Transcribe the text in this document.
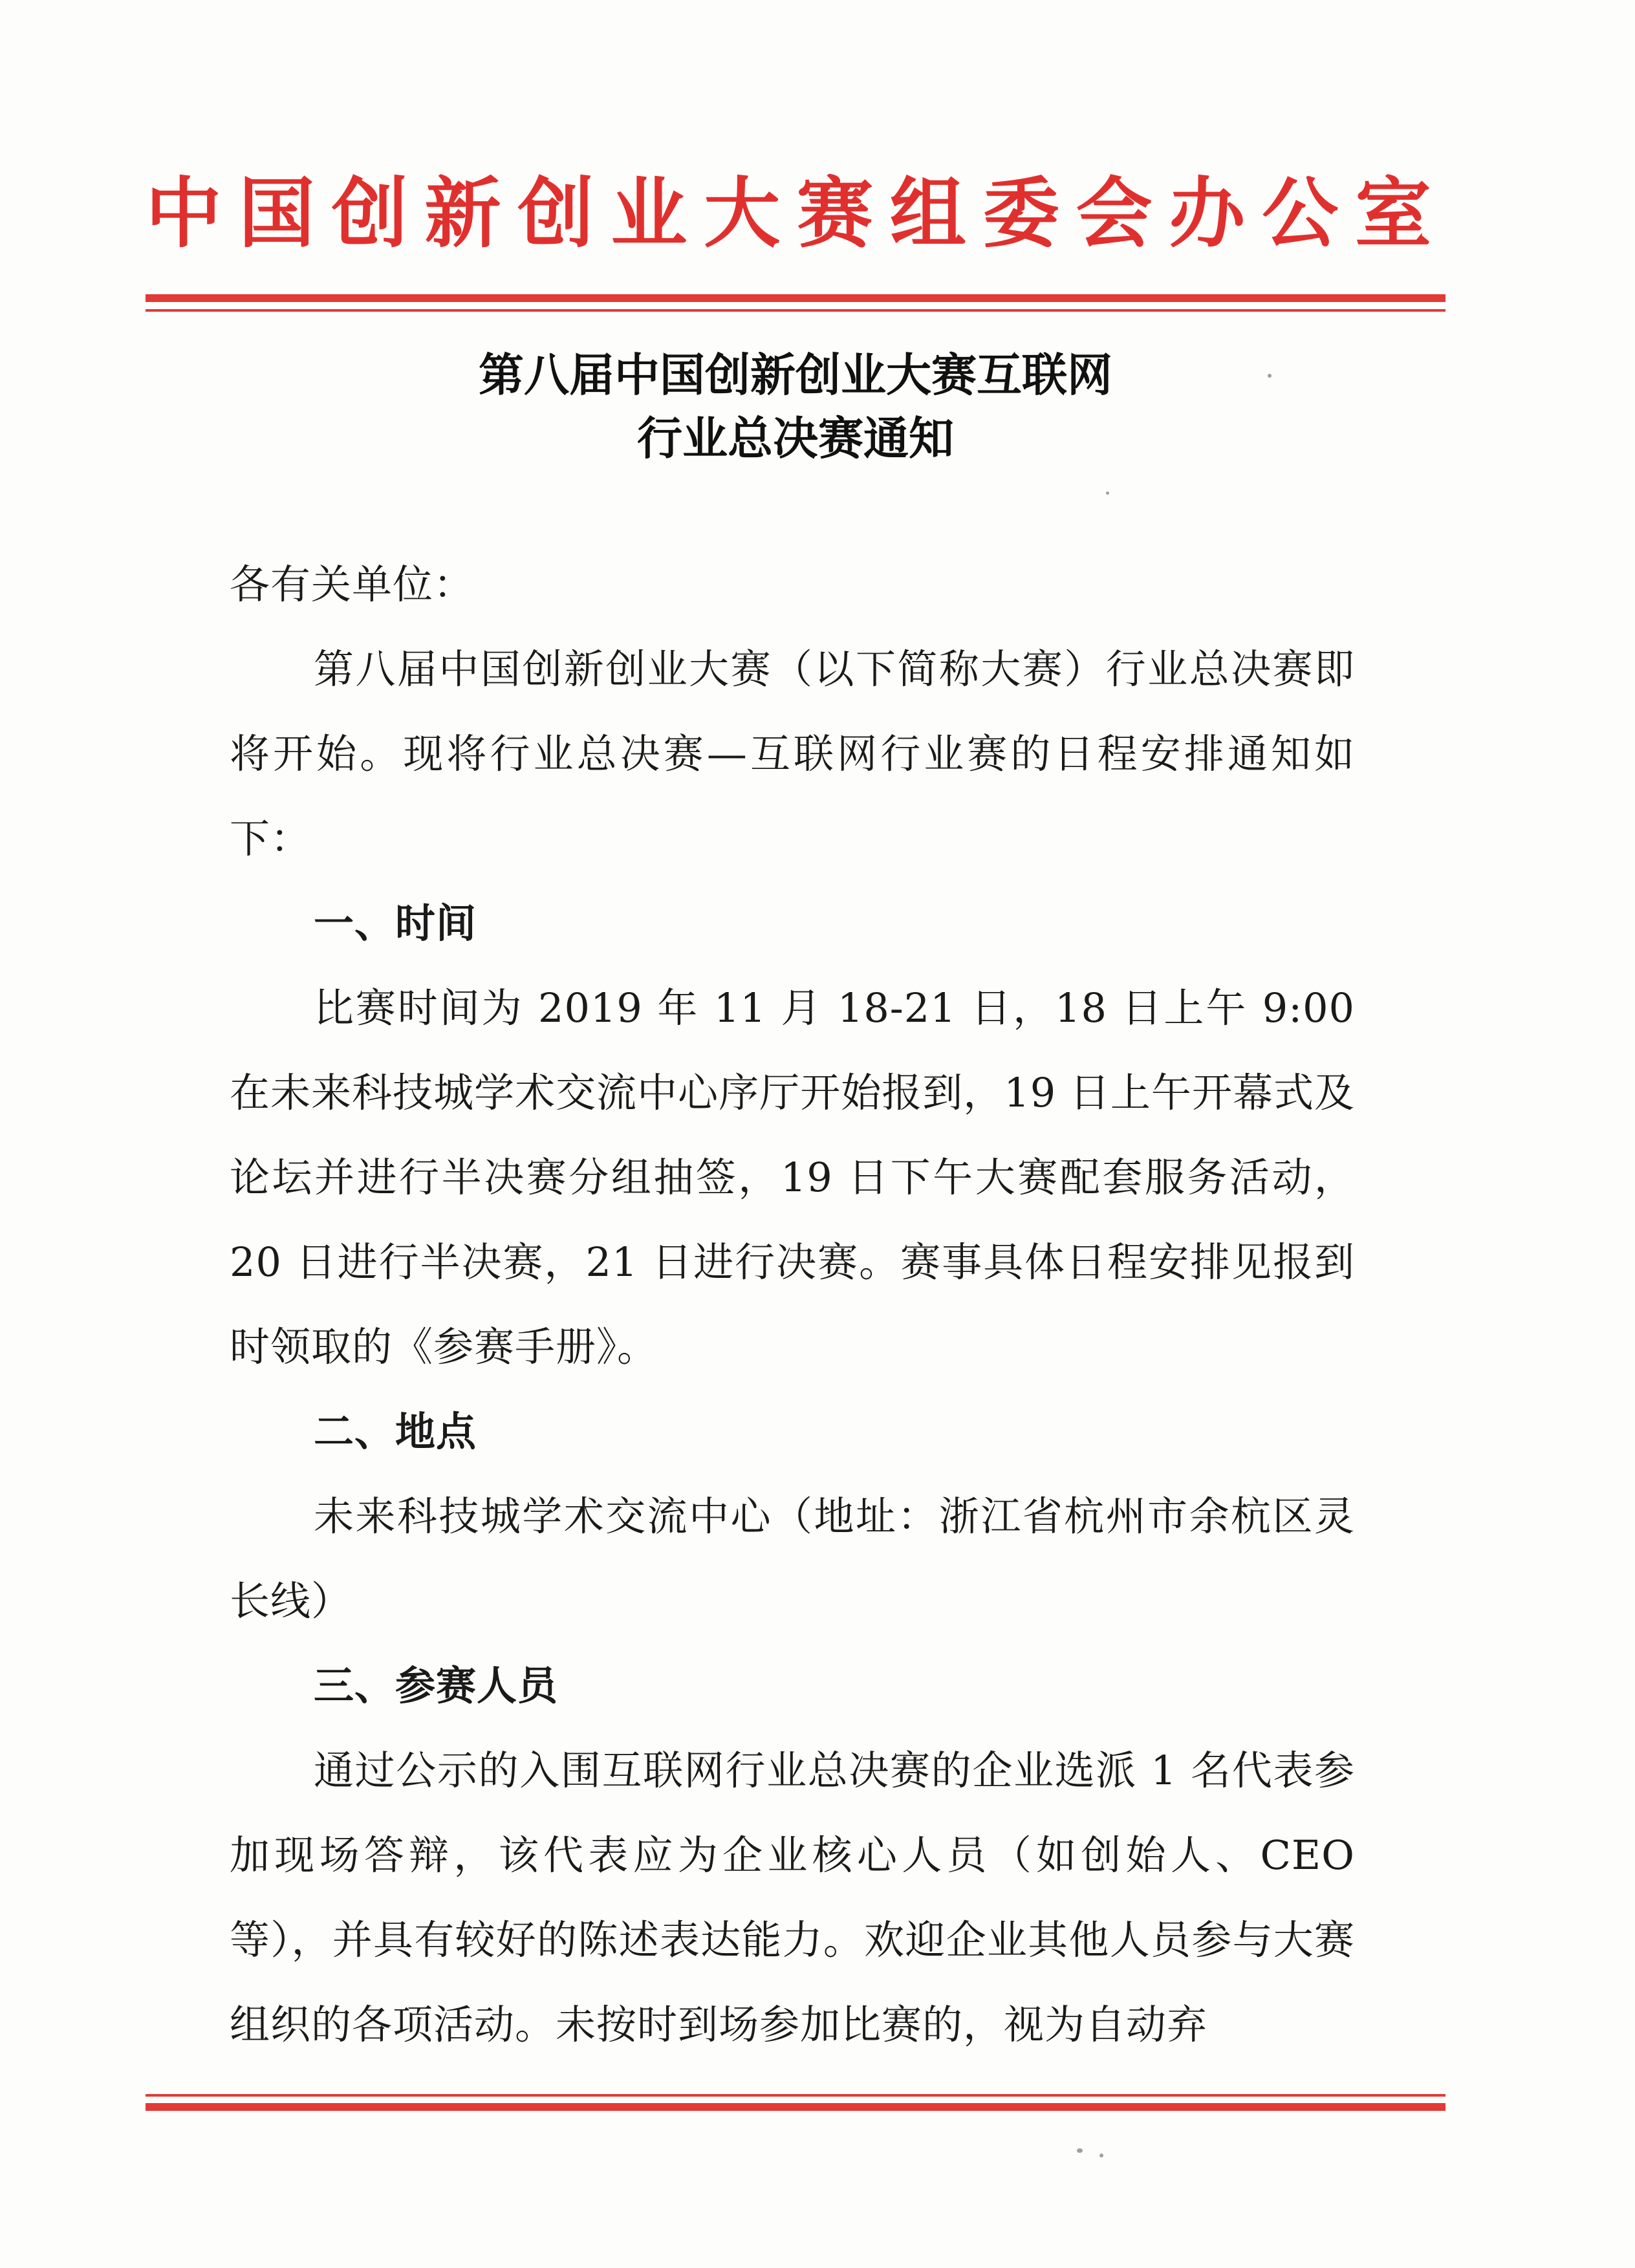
中国创新创业大赛组委会办公室
第八届中国创新创业大赛互联网
行业总决赛通知

各有关单位：

第八届中国创新创业大赛（以下简称大赛）行业总决赛即将开始。现将行业总决赛—互联网行业赛的日程安排通知如下：

一、时间

比赛时间为 2019 年 11 月 18-21 日，18 日上午 9:00 在未来科技城学术交流中心序厅开始报到，19 日上午开幕式及论坛并进行半决赛分组抽签，19 日下午大赛配套服务活动，20 日进行半决赛，21 日进行决赛。赛事具体日程安排见报到时领取的《参赛手册》。

二、地点

未来科技城学术交流中心（地址：浙江省杭州市余杭区灵长线）

三、参赛人员

通过公示的入围互联网行业总决赛的企业选派 1 名代表参加现场答辩，该代表应为企业核心人员（如创始人、CEO等），并具有较好的陈述表达能力。欢迎企业其他人员参与大赛组织的各项活动。未按时到场参加比赛的，视为自动弃
